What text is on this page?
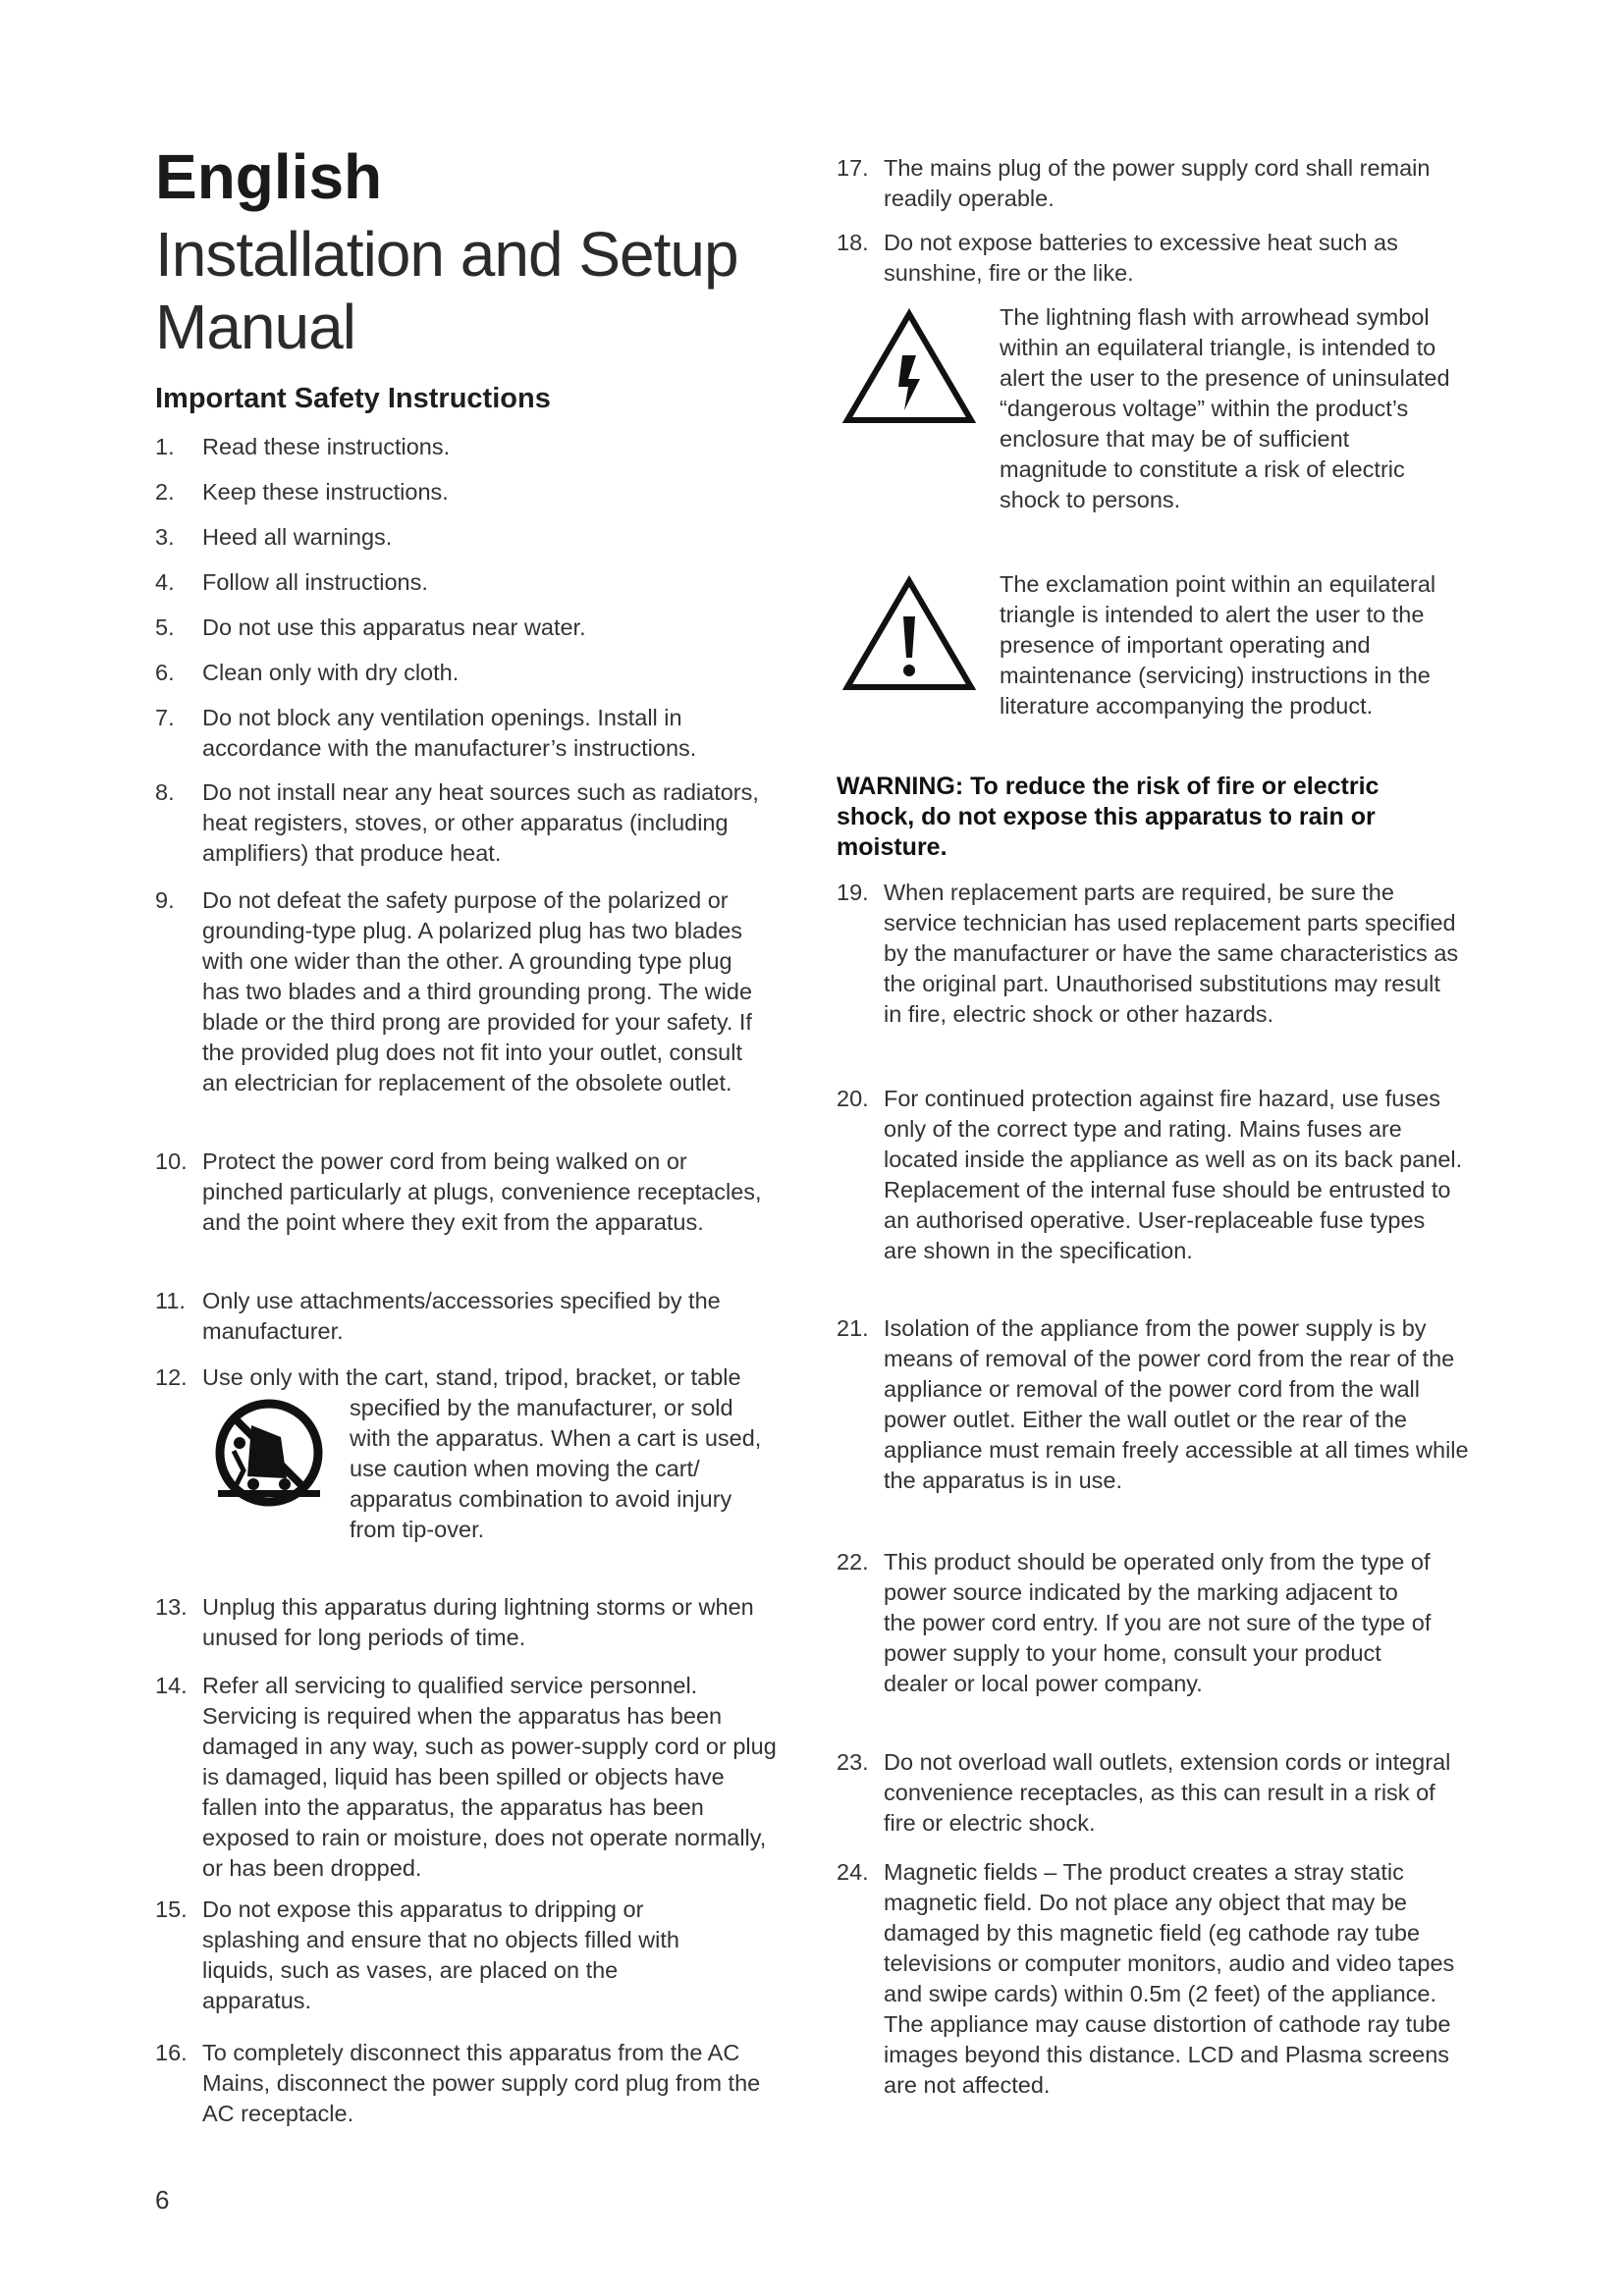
English
Installation and Setup Manual
Important Safety Instructions
1.	Read these instructions.
2.	Keep these instructions.
3.	Heed all warnings.
4.	Follow all instructions.
5.	Do not use this apparatus near water.
6.	Clean only with dry cloth.
7.	Do not block any ventilation openings. Install in accordance with the manufacturer’s instructions.
8.	Do not install near any heat sources such as radiators, heat registers, stoves, or other apparatus (including amplifiers) that produce heat.
9.	Do not defeat the safety purpose of the polarized or grounding-type plug. A polarized plug has two blades with one wider than the other. A grounding type plug has two blades and a third grounding prong. The wide blade or the third prong are provided for your safety. If the provided plug does not fit into your outlet, consult an electrician for replacement of the obsolete outlet.
10. Protect the power cord from being walked on or pinched particularly at plugs, convenience receptacles, and the point where they exit from the apparatus.
11. Only use attachments/accessories specified by the manufacturer.
12. Use only with the cart, stand, tripod, bracket, or table specified by the manufacturer, or sold with the apparatus. When a cart is used, use caution when moving the cart/ apparatus combination to avoid injury from tip-over.
13. Unplug this apparatus during lightning storms or when unused for long periods of time.
14. Refer all servicing to qualified service personnel. Servicing is required when the apparatus has been damaged in any way, such as power-supply cord or plug is damaged, liquid has been spilled or objects have fallen into the apparatus, the apparatus has been exposed to rain or moisture, does not operate normally, or has been dropped.
15. Do not expose this apparatus to dripping or splashing and ensure that no objects filled with liquids, such as vases, are placed on the apparatus.
16. To completely disconnect this apparatus from the AC Mains, disconnect the power supply cord plug from the AC receptacle.
17. The mains plug of the power supply cord shall remain readily operable.
18. Do not expose batteries to excessive heat such as sunshine, fire or the like.
The lightning flash with arrowhead symbol within an equilateral triangle, is intended to alert the user to the presence of uninsulated “dangerous voltage” within the product’s enclosure that may be of sufficient magnitude to constitute a risk of electric shock to persons.
The exclamation point within an equilateral triangle is intended to alert the user to the presence of important operating and maintenance (servicing) instructions in the literature accompanying the product.
WARNING: To reduce the risk of fire or electric shock, do not expose this apparatus to rain or moisture.
19. When replacement parts are required, be sure the service technician has used replacement parts specified by the manufacturer or have the same characteristics as the original part. Unauthorised substitutions may result in fire, electric shock or other hazards.
20. For continued protection against fire hazard, use fuses only of the correct type and rating. Mains fuses are located inside the appliance as well as on its back panel. Replacement of the internal fuse should be entrusted to an authorised operative. User-replaceable fuse types are shown in the specification.
21. Isolation of the appliance from the power supply is by means of removal of the power cord from the rear of the appliance or removal of the power cord from the wall power outlet. Either the wall outlet or the rear of the appliance must remain freely accessible at all times while the apparatus is in use.
22. This product should be operated only from the type of power source indicated by the marking adjacent to the power cord entry. If you are not sure of the type of power supply to your home, consult your product dealer or local power company.
23. Do not overload wall outlets, extension cords or integral convenience receptacles, as this can result in a risk of fire or electric shock.
24. Magnetic fields – The product creates a stray static magnetic field. Do not place any object that may be damaged by this magnetic field (eg cathode ray tube televisions or computer monitors, audio and video tapes and swipe cards) within 0.5m (2 feet) of the appliance. The appliance may cause distortion of cathode ray tube images beyond this distance. LCD and Plasma screens are not affected.
6
